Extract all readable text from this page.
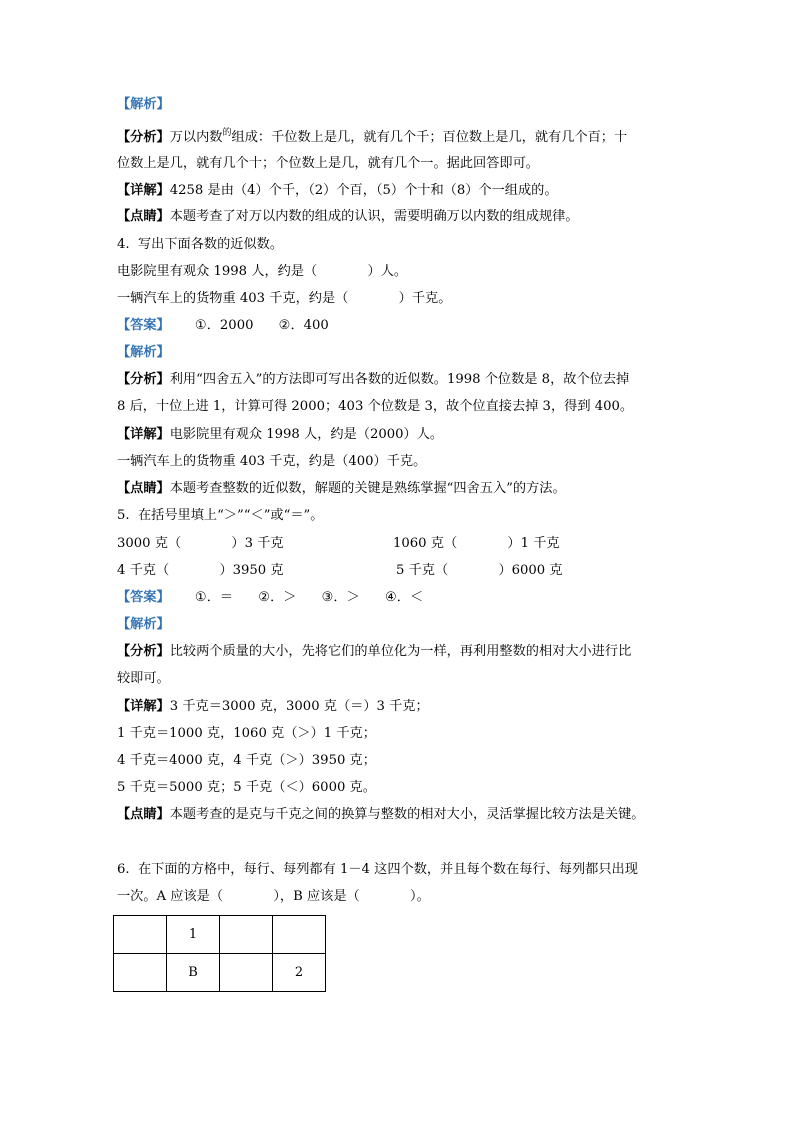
【解析】
【分析】万以内数$^的$组成：千位数上是几，就有几个千；百位数上是几，就有几个百；十
位数上是几，就有几个十；个位数上是几，就有几个一。据此回答即可。
【详解】4258 是由（4）个千，（2）个百，（5）个十和（8）个一组成的。
【点睛】本题考查了对万以内数的组成的认识，需要明确万以内数的组成规律。
4.  写出下面各数的近似数。
电影院里有观众 1998 人，约是（            ）人。
一辆汽车上的货物重 403 千克，约是（            ）千克。
【答案】      ①．2000      ②．400
【解析】
【分析】利用“四舍五入”的方法即可写出各数的近似数。1998 个位数是 8，故个位去掉
8 后，十位上进 1，计算可得 2000；403 个位数是 3，故个位直接去掉 3，得到 400。
【详解】电影院里有观众 1998 人，约是（2000）人。
一辆汽车上的货物重 403 千克，约是（400）千克。
【点睛】本题考查整数的近似数，解题的关键是熟练掌握“四舍五入”的方法。
5.  在括号里填上“＞”“＜”或“＝”。
3000 克（            ）3 千克	1060 克（            ）1 千克
4 千克（            ）3950 克	5 千克（            ）6000 克
【答案】      ①．＝      ②．＞      ③．＞      ④．＜
【解析】
【分析】比较两个质量的大小，先将它们的单位化为一样，再利用整数的相对大小进行比
较即可。
【详解】3 千克＝3000 克，3000 克（＝）3 千克；
1 千克＝1000 克，1060 克（＞）1 千克；
4 千克＝4000 克，4 千克（＞）3950 克；
5 千克＝5000 克；5 千克（＜）6000 克。
【点睛】本题考查的是克与千克之间的换算与整数的相对大小，灵活掌握比较方法是关键。
6.  在下面的方格中，每行、每列都有 1－4 这四个数，并且每个数在每行、每列都只出现
一次。A 应该是（            ），B 应该是（            ）。
	1		
	B		2
